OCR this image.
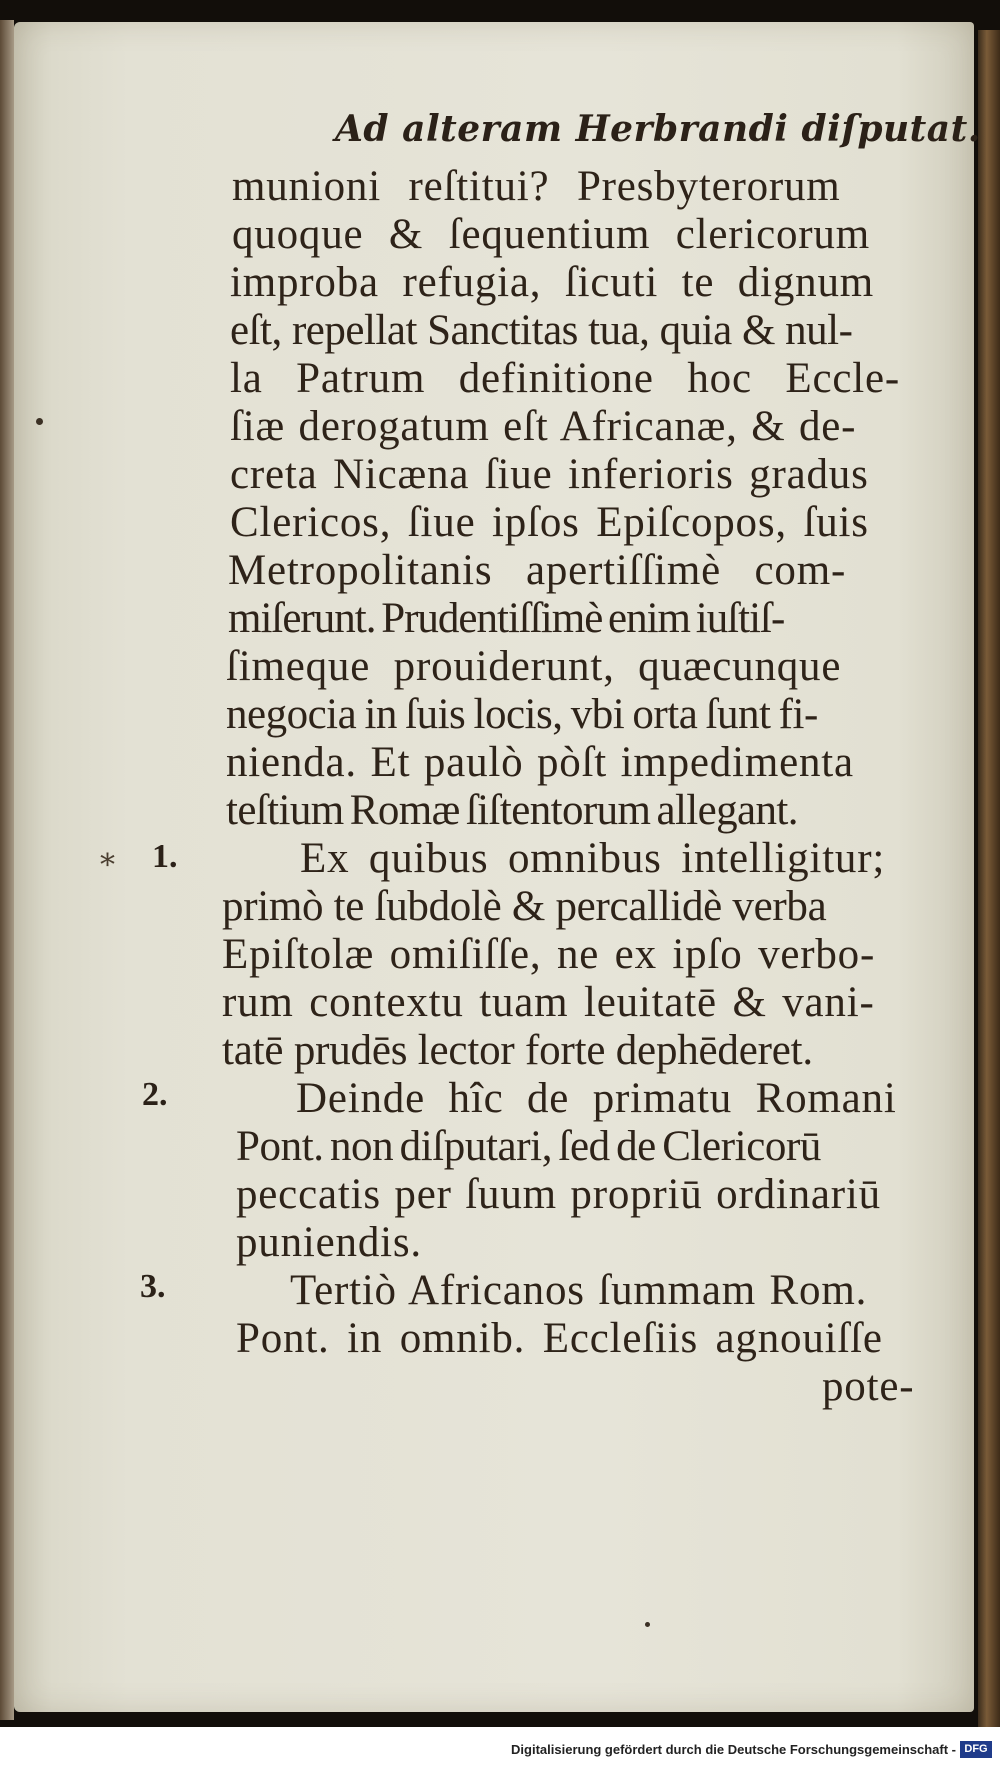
Ad alteram Herbrandi diſputat.
munioni reſtitui? Presbyterorum
quoque & ſequentium clericorum
improba refugia, ſicuti te dignum
eſt, repellat Sanctitas tua, quia & nul-
la Patrum definitione hoc Eccle-
ſiæ derogatum eſt Africanæ, & de-
creta Nicæna ſiue inferioris gradus
Clericos, ſiue ipſos Epiſcopos, ſuis
Metropolitanis apertiſſimè com-
miſerunt. Prudentiſſimè enim iuſtiſ-
ſimeque prouiderunt, quæcunque
negocia in ſuis locis, vbi orta ſunt fi-
nienda. Et paulò pòſt impedimenta
teſtium Romæ ſiſtentorum allegant.
Ex quibus omnibus intelligitur;
primò te ſubdolè & percallidè verba
Epiſtolæ omiſiſſe, ne ex ipſo verbo-
rum contextu tuam leuitatē & vani-
tatē prudēs lector forte dephēderet.
Deinde hîc de primatu Romani
Pont. non diſputari, ſed de Clericorū
peccatis per ſuum propriū ordinariū
puniendis.
Tertiò Africanos ſummam Rom.
Pont. in omnib. Eccleſiis agnouiſſe
pote-
1.
2.
3.
*
Digitalisierung gefördert durch die Deutsche Forschungsgemeinschaft - DFG
